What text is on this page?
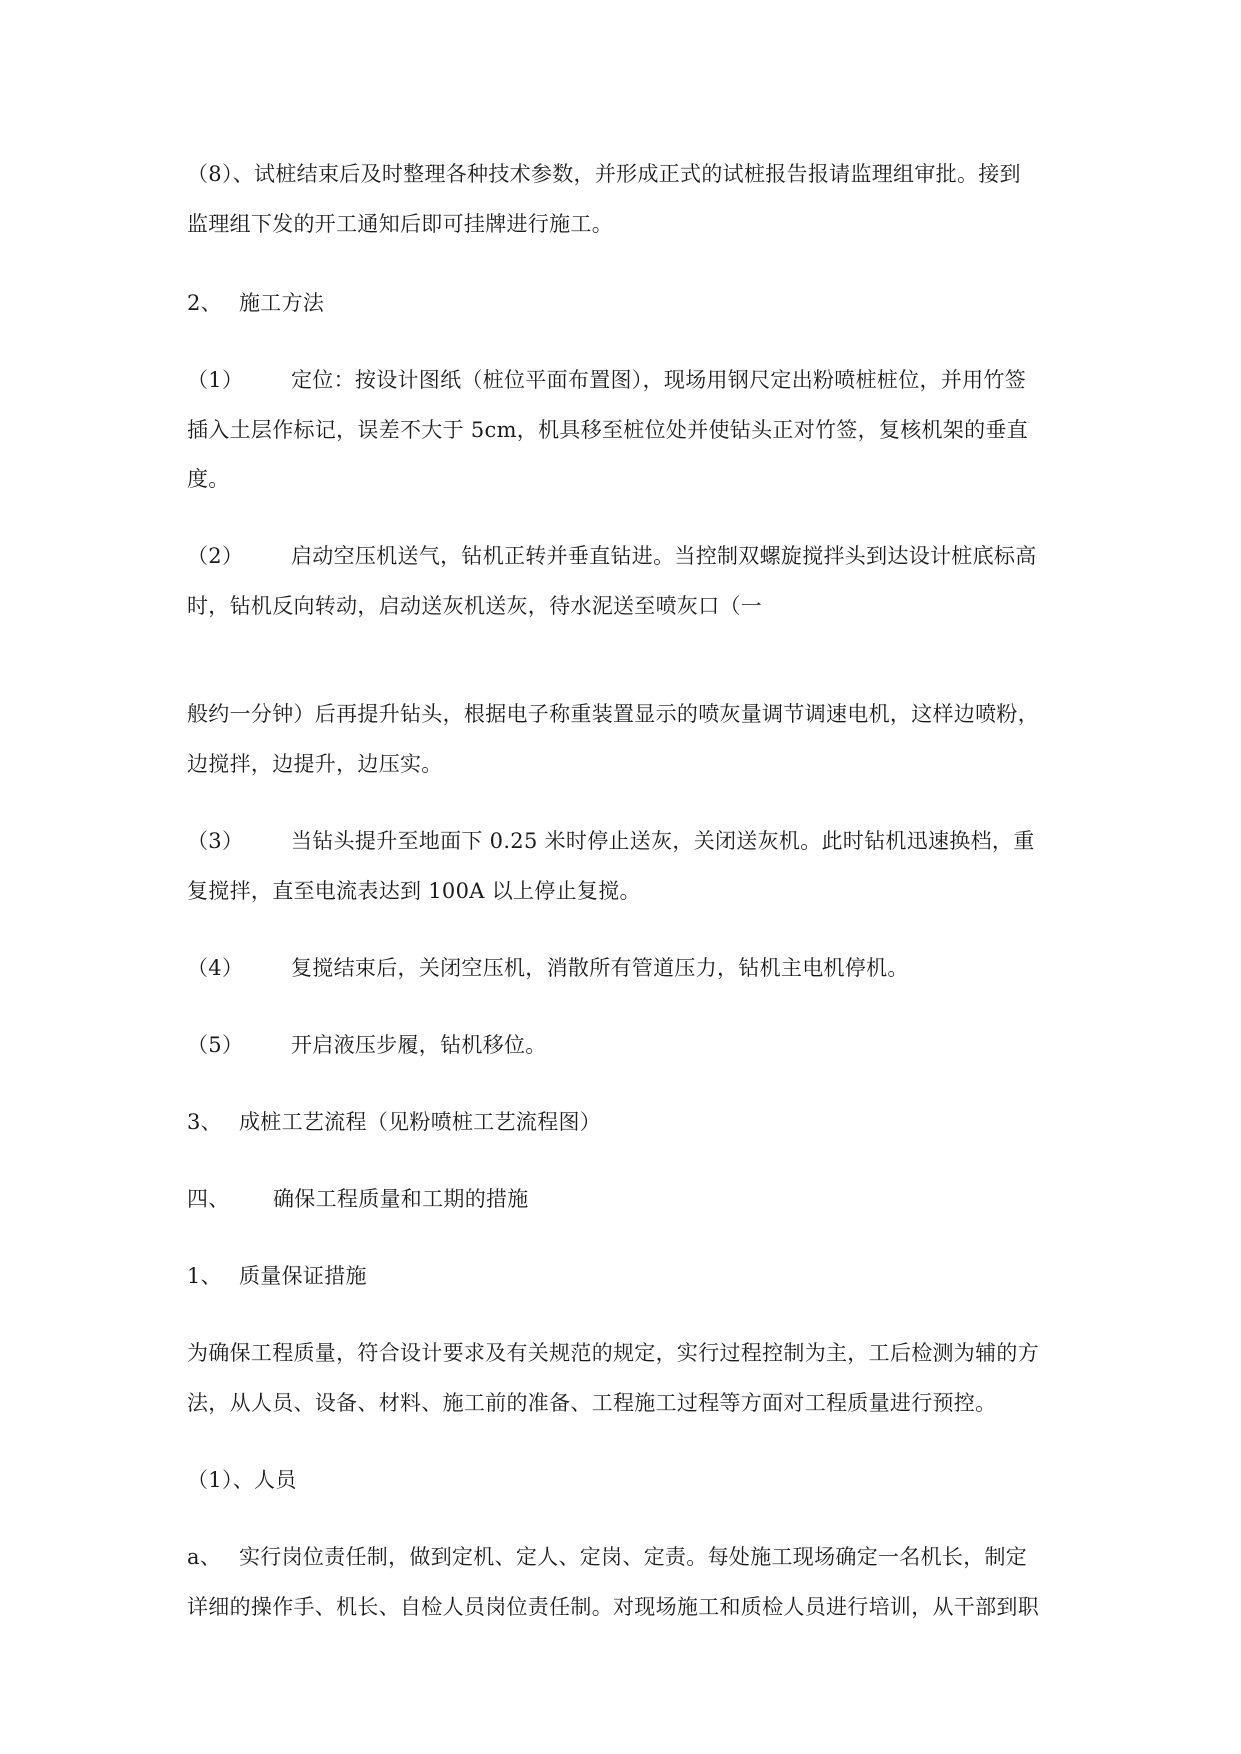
（8）、试桩结束后及时整理各种技术参数，并形成正式的试桩报告报请监理组审批。接到
监理组下发的开工通知后即可挂牌进行施工。
2、 施工方法
（1） 定位：按设计图纸（桩位平面布置图），现场用钢尺定出粉喷桩桩位，并用竹签
插入土层作标记，误差不大于 5cm，机具移至桩位处并使钻头正对竹签，复核机架的垂直
度。
（2） 启动空压机送气，钻机正转并垂直钻进。当控制双螺旋搅拌头到达设计桩底标高
时，钻机反向转动，启动送灰机送灰，待水泥送至喷灰口（一
般约一分钟）后再提升钻头，根据电子称重装置显示的喷灰量调节调速电机，这样边喷粉，
边搅拌，边提升，边压实。
（3） 当钻头提升至地面下 0.25 米时停止送灰，关闭送灰机。此时钻机迅速换档，重
复搅拌，直至电流表达到 100A 以上停止复搅。
（4） 复搅结束后，关闭空压机，消散所有管道压力，钻机主电机停机。
（5） 开启液压步履，钻机移位。
3、 成桩工艺流程（见粉喷桩工艺流程图）
四、 确保工程质量和工期的措施
1、 质量保证措施
为确保工程质量，符合设计要求及有关规范的规定，实行过程控制为主，工后检测为辅的方
法，从人员、设备、材料、施工前的准备、工程施工过程等方面对工程质量进行预控。
（1）、人员
a、 实行岗位责任制，做到定机、定人、定岗、定责。每处施工现场确定一名机长，制定
详细的操作手、机长、自检人员岗位责任制。对现场施工和质检人员进行培训，从干部到职
